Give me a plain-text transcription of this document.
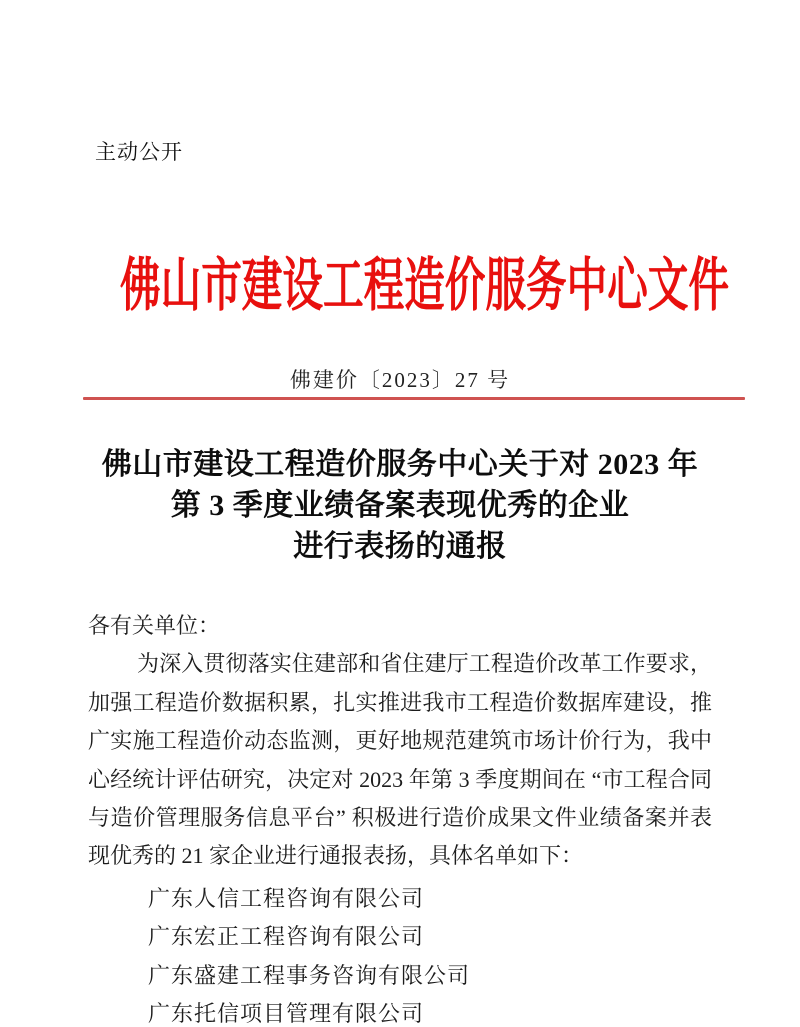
主动公开
佛山市建设工程造价服务中心文件
佛建价〔2023〕27 号
佛山市建设工程造价服务中心关于对 2023 年
第 3 季度业绩备案表现优秀的企业
进行表扬的通报
各有关单位：
为深入贯彻落实住建部和省住建厅工程造价改革工作要求，
加强工程造价数据积累，扎实推进我市工程造价数据库建设，推
广实施工程造价动态监测，更好地规范建筑市场计价行为，我中
心经统计评估研究，决定对 2023 年第 3 季度期间在 “市工程合同
与造价管理服务信息平台” 积极进行造价成果文件业绩备案并表
现优秀的 21 家企业进行通报表扬，具体名单如下：
广东人信工程咨询有限公司
广东宏正工程咨询有限公司
广东盛建工程事务咨询有限公司
广东托信项目管理有限公司
